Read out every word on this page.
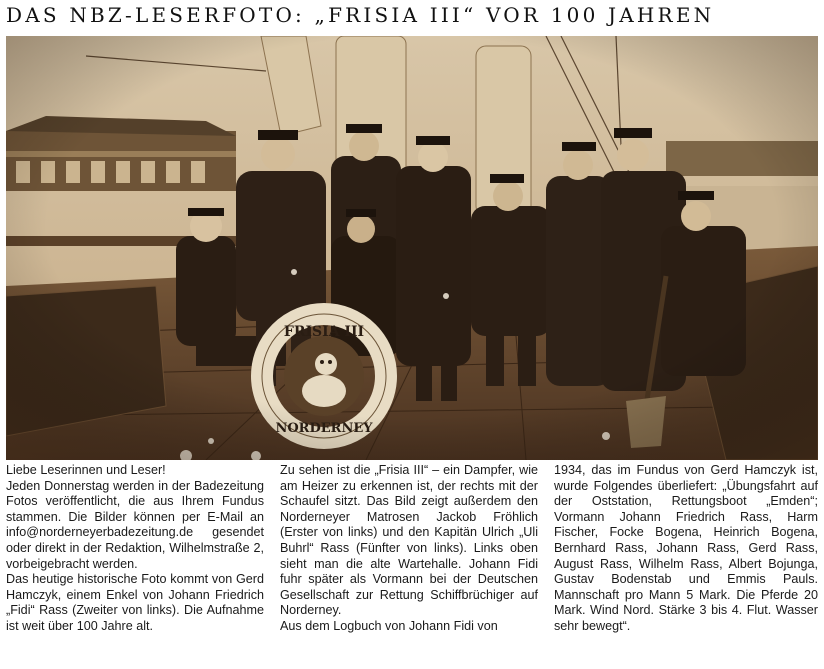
DAS NBZ-LESERFOTO: „FRISIA III“ VOR 100 JAHREN

Liebe Leserinnen und Leser!

Jeden Donnerstag werden in der Badezeitung Fotos veröffentlicht, die aus Ihrem Fundus stammen. Die Bilder können per E-Mail an info@norderneyerbadezeitung.de gesendet oder direkt in der Redaktion, Wilhelmstraße 2, vorbeigebracht werden.

Das heutige historische Foto kommt von Gerd Hamczyk, einem Enkel von Johann Friedrich „Fidi“ Rass (Zweiter von links). Die Aufnahme ist weit über 100 Jahre alt.

Zu sehen ist die „Frisia III“ – ein Dampfer, wie am Heizer zu erkennen ist, der rechts mit der Schaufel sitzt. Das Bild zeigt außerdem den Norderneyer Matrosen Jackob Fröhlich (Erster von links) und den Kapitän Ulrich „Uli Buhrl“ Rass (Fünfter von links). Links oben sieht man die alte Wartehalle. Johann Fidi fuhr später als Vormann bei der Deutschen Gesellschaft zur Rettung Schiffbrüchiger auf Norderney.

Aus dem Logbuch von Johann Fidi von

1934, das im Fundus von Gerd Hamczyk ist, wurde Folgendes überliefert: „Übungsfahrt auf der Oststation, Rettungsboot „Emden“; Vormann Johann Friedrich Rass, Harm Fischer, Focke Bogena, Heinrich Bogena, Bernhard Rass, Johann Rass, Gerd Rass, August Rass, Wilhelm Rass, Albert Bojunga, Gustav Bodenstab und Emmis Pauls. Mannschaft pro Mann 5 Mark. Die Pferde 20 Mark. Wind Nord. Stärke 3 bis 4. Flut. Wasser sehr bewegt“.
